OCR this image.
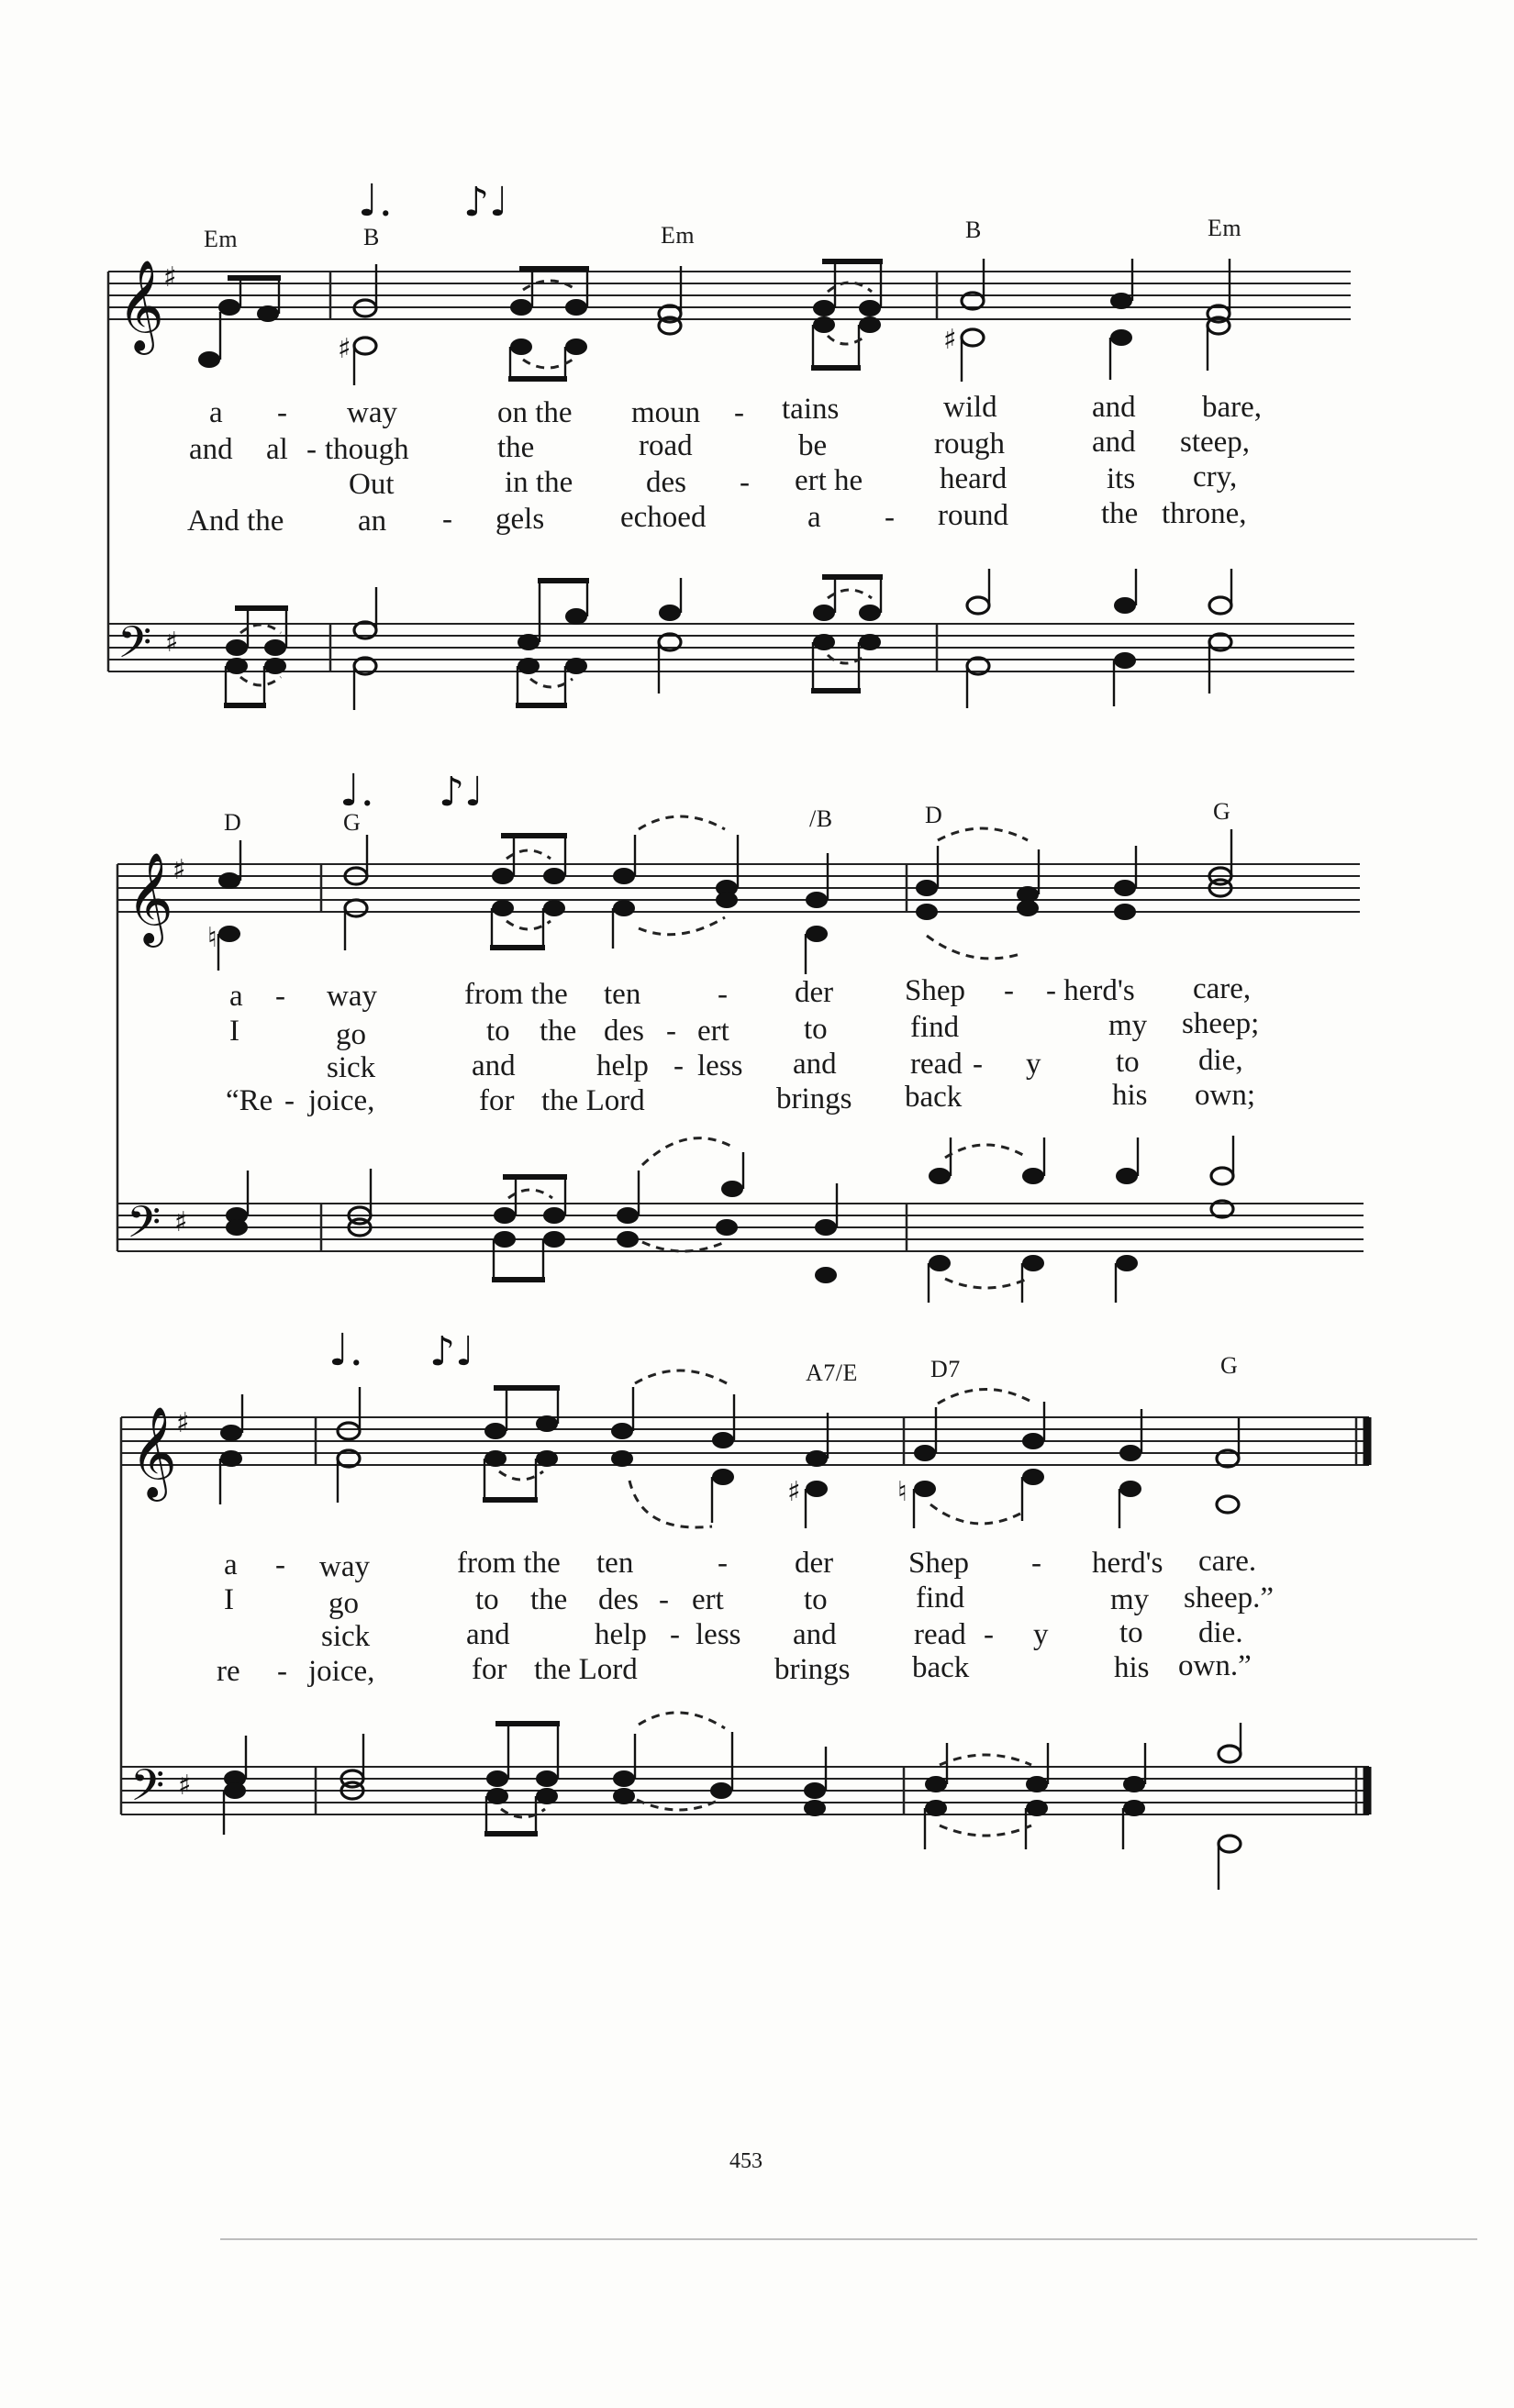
𝄞 ♯
𝄢 ♯
♩. ♪♩
♯	♯
𝄞 ♯
𝄢 ♯
♩. ♪♩
♮
𝄞 ♯
𝄢 ♯
♩. ♪♩
♯	♮
Em	B	Em	B	Em
D	G	/B	D	G
A7/E	D7	G
a - way	on the moun - tains	wild	and bare,
and al - though	the	road	be	rough	and steep,
Out	in the des - ert he	heard	its cry,
And the an - gels	echoed	a - round	the throne,
a - way	from the ten	- der Shep - - herd's care,
I	go	to the des - ert to	find	my sheep;
sick	and	help - less and read - y to die,
“Re - joice,	for the Lord	brings back	his own;
a - way	from the ten	- der Shep - herd's care.
I	go	to the des - ert	to	find	my sheep.”
sick	and	help - less and	read - y to die.
re - joice,	for the Lord	brings back	his own.”
453
